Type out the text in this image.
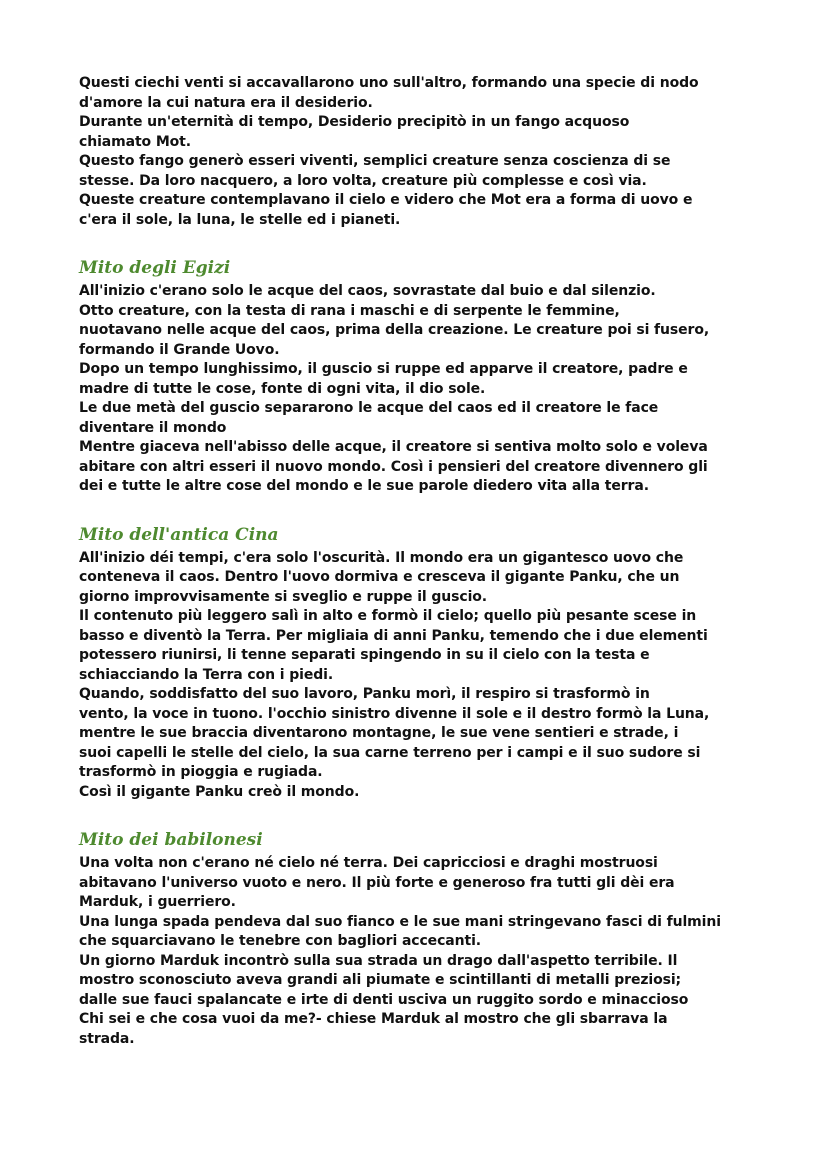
Questi ciechi venti si accavallarono uno sull'altro, formando una specie di nodo

d'amore la cui natura era il desiderio.

Durante un'eternità di tempo, Desiderio precipitò in un fango acquoso

chiamato Mot.

Questo fango generò esseri viventi, semplici creature senza coscienza di se

stesse. Da loro nacquero, a loro volta, creature più complesse e così via.

Queste creature contemplavano il cielo e videro che Mot era a forma di uovo e

c'era il sole, la luna, le stelle ed i pianeti.

Mito degli Egizi

All'inizio c'erano solo le acque del caos, sovrastate dal buio e dal silenzio.

Otto creature, con la testa di rana i maschi e di serpente le femmine,

nuotavano nelle acque del caos, prima della creazione. Le creature poi si fusero,

formando il Grande Uovo.

Dopo un tempo lunghissimo, il guscio si ruppe ed apparve il creatore, padre e

madre di tutte le cose, fonte di ogni vita, il dio sole.

Le due metà del guscio separarono le acque del caos ed il creatore le face

diventare il mondo

Mentre giaceva nell'abisso delle acque, il creatore si sentiva molto solo e voleva

abitare con altri esseri il nuovo mondo. Così i pensieri del creatore divennero gli

dei e tutte le altre cose del mondo e le sue parole diedero vita alla terra.

Mito dell'antica Cina

All'inizio déi tempi, c'era solo l'oscurità. Il mondo era un gigantesco uovo che

conteneva il caos. Dentro l'uovo dormiva e cresceva il gigante Panku, che un

giorno improvvisamente si sveglio e ruppe il guscio.

Il contenuto più leggero salì in alto e formò il cielo; quello più pesante scese in

basso e diventò la Terra. Per migliaia di anni Panku, temendo che i due elementi

potessero riunirsi, li tenne separati spingendo in su il cielo con la testa e

schiacciando la Terra con i piedi.

Quando, soddisfatto del suo lavoro, Panku morì, il respiro si trasformò in

vento, la voce in tuono. l'occhio sinistro divenne il sole e il destro formò la Luna,

mentre le sue braccia diventarono montagne, le sue vene sentieri e strade, i

suoi capelli le stelle del cielo, la sua carne terreno per i campi e il suo sudore si

trasformò in pioggia e rugiada.

Così il gigante Panku creò il mondo.

Mito dei babilonesi

Una volta non c'erano né cielo né terra. Dei capricciosi e draghi mostruosi

abitavano l'universo vuoto e nero. Il più forte e generoso fra tutti gli dèi era

Marduk, i guerriero.

Una lunga spada pendeva dal suo fianco e le sue mani stringevano fasci di fulmini

che squarciavano le tenebre con bagliori accecanti.

Un giorno Marduk incontrò sulla sua strada un drago dall'aspetto terribile. Il

mostro sconosciuto aveva grandi ali piumate e scintillanti di metalli preziosi;

dalle sue fauci spalancate e irte di denti usciva un ruggito sordo e minaccioso

Chi sei e che cosa vuoi da me?- chiese Marduk al mostro che gli sbarrava la

strada.
